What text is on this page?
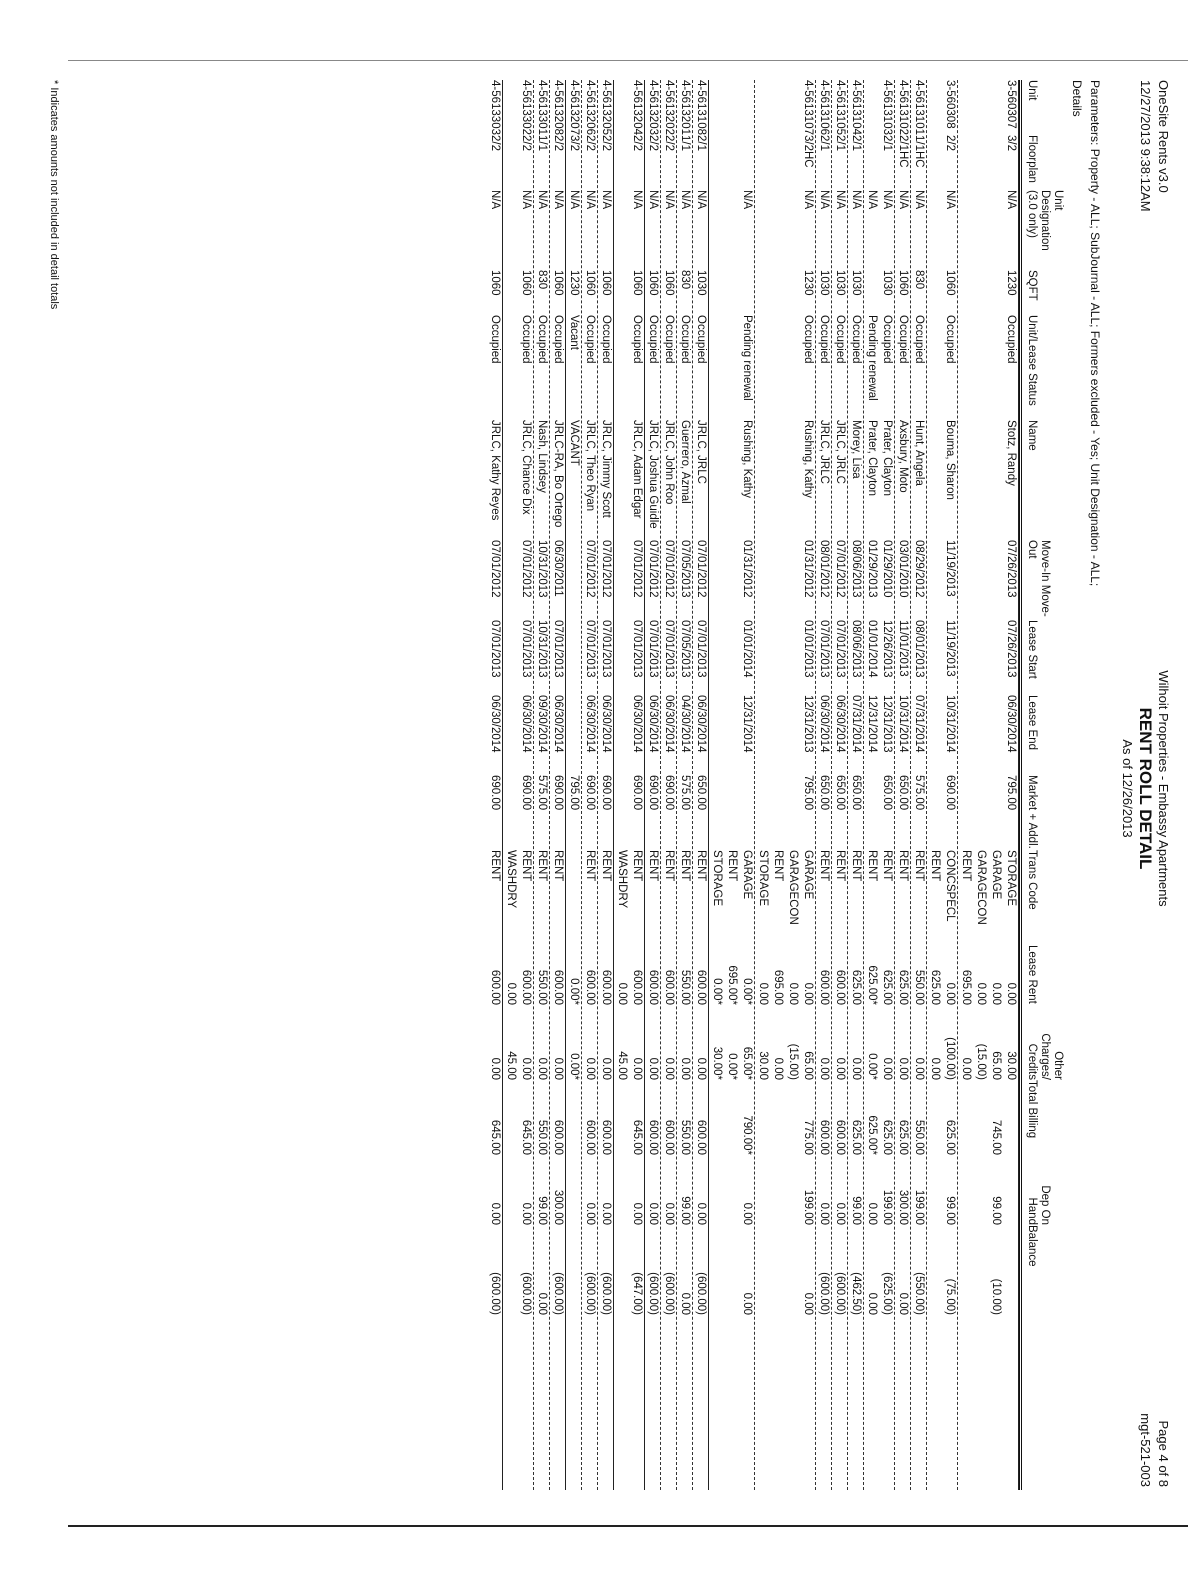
OneSite Rents v3.0
12/27/2013 9:38:12AM
Wilhoit Properties - Embassy Apartments
RENT ROLL DETAIL
As of 12/26/2013
Page 4 of 8
mgt-521-003
Parameters: Property - ALL; SubJournal - ALL; Formers excluded - Yes; Unit Designation - ALL;
Details
Unit
Floorplan
Unit Designation (3.0 only)
SQFT
Unit/Lease Status
Name
Move-In Move-Out
Lease Start
Lease End
Market + Addl.
Trans Code
Lease Rent
Other Charges/ Credits
Total Billing
Dep On Hand
Balance
3-560307
3/2
N/A
1230
Occupied
Stotz, Randy
07/26/2013
07/26/2013
06/30/2014
795.00
STORAGE
0.00
30.00
GARAGE
0.00
65.00
745.00
99.00
(10.00)
GARAGECON
0.00
(15.00)
RENT
695.00
0.00
3-560308
2/2
N/A
1060
Occupied
Bouma, Sharon
11/19/2013
11/19/2013
10/31/2014
690.00
CONCSPECL
0.00
(100.00)
625.00
99.00
(75.00)
RENT
625.00
0.00
4-5613101
1/1HC
N/A
830
Occupied
Hunt, Angela
08/29/2012
08/01/2013
07/31/2014
575.00
RENT
550.00
0.00
550.00
199.00
(550.00)
4-5613102
2/1HC
N/A
1060
Occupied
Axsbury, Moto
03/01/2010
11/01/2013
10/31/2014
650.00
RENT
625.00
0.00
625.00
300.00
0.00
4-5613103
2/1
N/A
1030
Occupied
Prater, Clayton
01/29/2010
12/26/2013
12/31/2013
650.00
RENT
625.00
0.00
625.00
199.00
(625.00)
N/A
Pending renewal
Prater, Clayton
01/29/2013
01/01/2014
12/31/2014
RENT
625.00*
0.00*
625.00*
0.00
0.00
4-5613104
2/1
N/A
1030
Occupied
Morey, Lisa
08/06/2013
08/06/2013
07/31/2014
650.00
RENT
625.00
0.00
625.00
99.00
(462.50)
4-5613105
2/1
N/A
1030
Occupied
JRLC, JRLC
07/01/2012
07/01/2013
06/30/2014
650.00
RENT
600.00
0.00
600.00
0.00
(600.00)
4-5613106
2/1
N/A
1030
Occupied
JRLC, JRLC
08/01/2012
07/01/2013
06/30/2014
650.00
RENT
600.00
0.00
600.00
0.00
(600.00)
4-5613107
3/2HC
N/A
1230
Occupied
Rushing, Kathy
01/31/2012
01/01/2013
12/31/2013
795.00
GARAGE
0.00
65.00
775.00
199.00
0.00
GARAGECON
0.00
(15.00)
RENT
695.00
0.00
STORAGE
0.00
30.00
N/A
Pending renewal
Rushing, Kathy
01/31/2012
01/01/2014
12/31/2014
GARAGE
0.00*
65.00*
790.00*
0.00
0.00
RENT
695.00*
0.00*
STORAGE
0.00*
30.00*
4-5613108
2/1
N/A
1030
Occupied
JRLC, JRLC
07/01/2012
07/01/2013
06/30/2014
650.00
RENT
600.00
0.00
600.00
0.00
(600.00)
4-5613201
1/1
N/A
830
Occupied
Guerrero, Azmal
07/05/2013
07/05/2013
04/30/2014
575.00
RENT
550.00
0.00
550.00
99.00
0.00
4-5613202
2/2
N/A
1060
Occupied
JRLC, John Roo
07/01/2012
07/01/2013
06/30/2014
690.00
RENT
600.00
0.00
600.00
0.00
(600.00)
4-5613203
2/2
N/A
1060
Occupied
JRLC, Joshua Guidle
07/01/2012
07/01/2013
06/30/2014
690.00
RENT
600.00
0.00
600.00
0.00
(600.00)
4-5613204
2/2
N/A
1060
Occupied
JRLC, Adam Edgar
07/01/2012
07/01/2013
06/30/2014
690.00
RENT
600.00
0.00
645.00
0.00
(647.00)
WASHDRY
0.00
45.00
4-5613205
2/2
N/A
1060
Occupied
JRLC, Jimmy Scott
07/01/2012
07/01/2013
06/30/2014
690.00
RENT
600.00
0.00
600.00
0.00
(600.00)
4-5613206
2/2
N/A
1060
Occupied
JRLC, Theo Ryan
07/01/2012
07/01/2013
06/30/2014
690.00
RENT
600.00
0.00
600.00
0.00
(600.00)
4-5613207
3/2
N/A
1230
Vacant
VACANT
795.00
0.00*
0.00*
4-5613208
2/2
N/A
1060
Occupied
JRLC-RA, Bo Ortego
06/30/2011
07/01/2013
06/30/2014
690.00
RENT
600.00
0.00
600.00
300.00
(600.00)
4-5613301
1/1
N/A
830
Occupied
Nash, Lindsey
10/31/2013
10/31/2013
09/30/2014
575.00
RENT
550.00
0.00
550.00
99.00
0.00
4-5613302
2/2
N/A
1060
Occupied
JRLC, Chance Dix
07/01/2012
07/01/2013
06/30/2014
690.00
RENT
600.00
0.00
645.00
0.00
(600.00)
WASHDRY
0.00
45.00
4-5613303
2/2
N/A
1060
Occupied
JRLC, Kathy Reyes
07/01/2012
07/01/2013
06/30/2014
690.00
RENT
600.00
0.00
645.00
0.00
(600.00)
* Indicates amounts not included in detail totals
